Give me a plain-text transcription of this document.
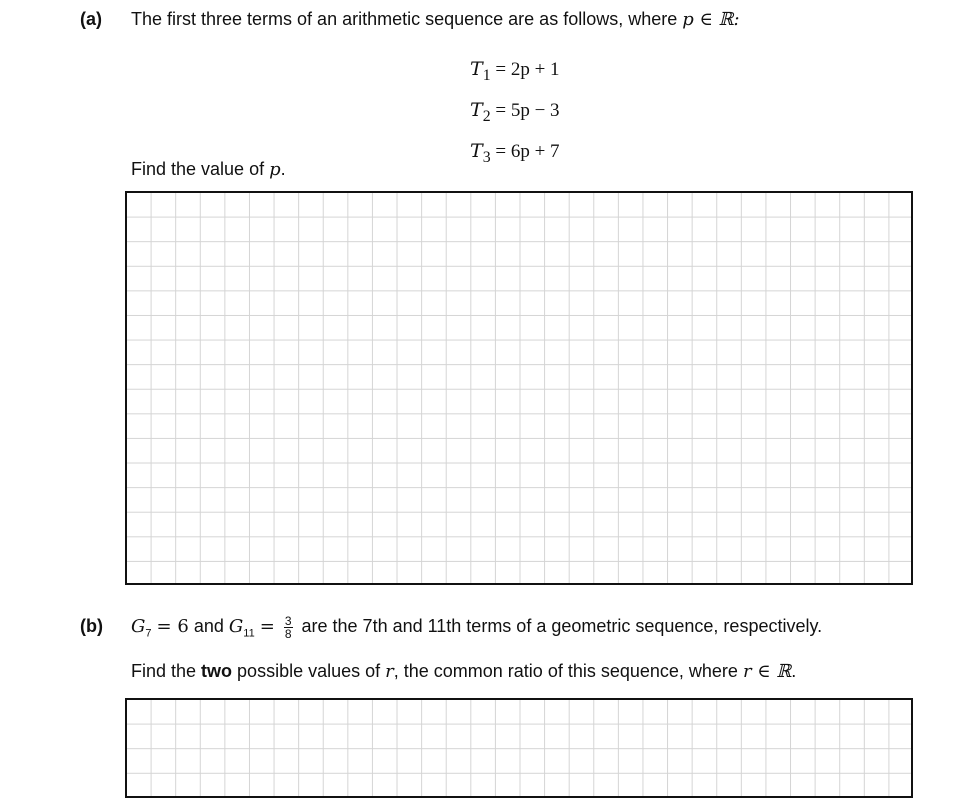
(a) The first three terms of an arithmetic sequence are as follows, where p ∈ ℝ:
$T_1 = 2p + 1$
$T_2 = 5p - 3$
$T_3 = 6p + 7$
Find the value of p.
(b) $G_7 = 6$ and $G_{11} = \frac{3}{8}$ are the 7th and 11th terms of a geometric sequence, respectively.
Find the two possible values of r, the common ratio of this sequence, where r ∈ ℝ.
